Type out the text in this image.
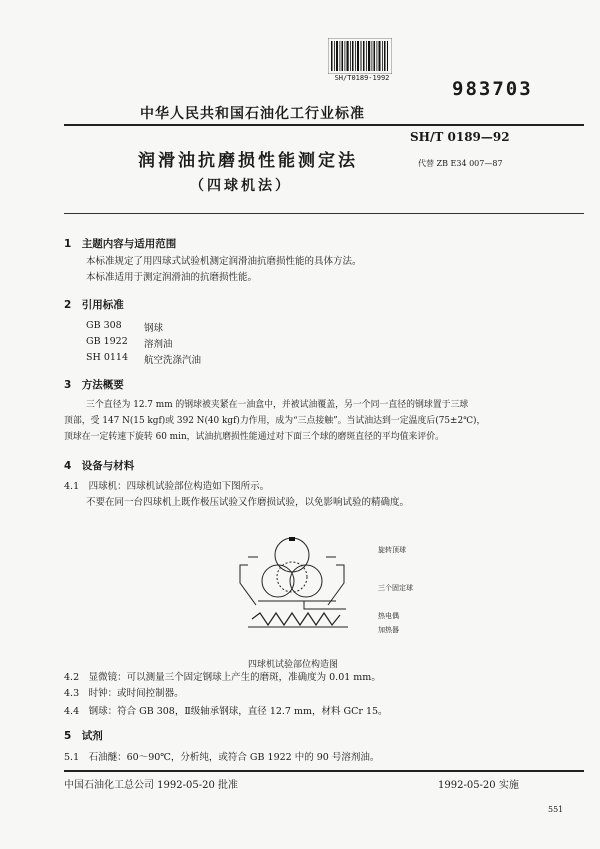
SH/T0189-1992	983703
中华人民共和国石油化工行业标准
SH/T 0189—92
润滑油抗磨损性能测定法
（四球机法）
代替 ZB E34 007—87
1　主题内容与适用范围
本标准规定了用四球式试验机测定润滑油抗磨损性能的具体方法。
本标准适用于测定润滑油的抗磨损性能。
2　引用标准
GB 308 钢球
GB 1922 溶剂油
SH 0114 航空洗涤汽油
3　方法概要
三个直径为 12.7 mm 的钢球被夹紧在一油盒中，并被试油覆盖，另一个同一直径的钢球置于三球
顶部，受 147 N(15 kgf)或 392 N(40 kgf)力作用，成为“三点接触”。当试油达到一定温度后(75±2℃)，
顶球在一定转速下旋转 60 min，试油抗磨损性能通过对下面三个球的磨斑直径的平均值来评价。
4　设备与材料
4.1　四球机：四球机试验部位构造如下图所示。
不要在同一台四球机上既作极压试验又作磨损试验，以免影响试验的精确度。
旋转顶球
三个固定球
热电偶
加热器
四球机试验部位构造图
4.2　显微镜：可以测量三个固定钢球上产生的磨斑，准确度为 0.01 mm。
4.3　时钟：或时间控制器。
4.4　钢球：符合 GB 308，Ⅱ级轴承钢球，直径 12.7 mm，材料 GCr 15。
5　试剂
5.1　石油醚：60～90℃，分析纯，或符合 GB 1922 中的 90 号溶剂油。
中国石油化工总公司 1992-05-20 批准	1992-05-20 实施
551
